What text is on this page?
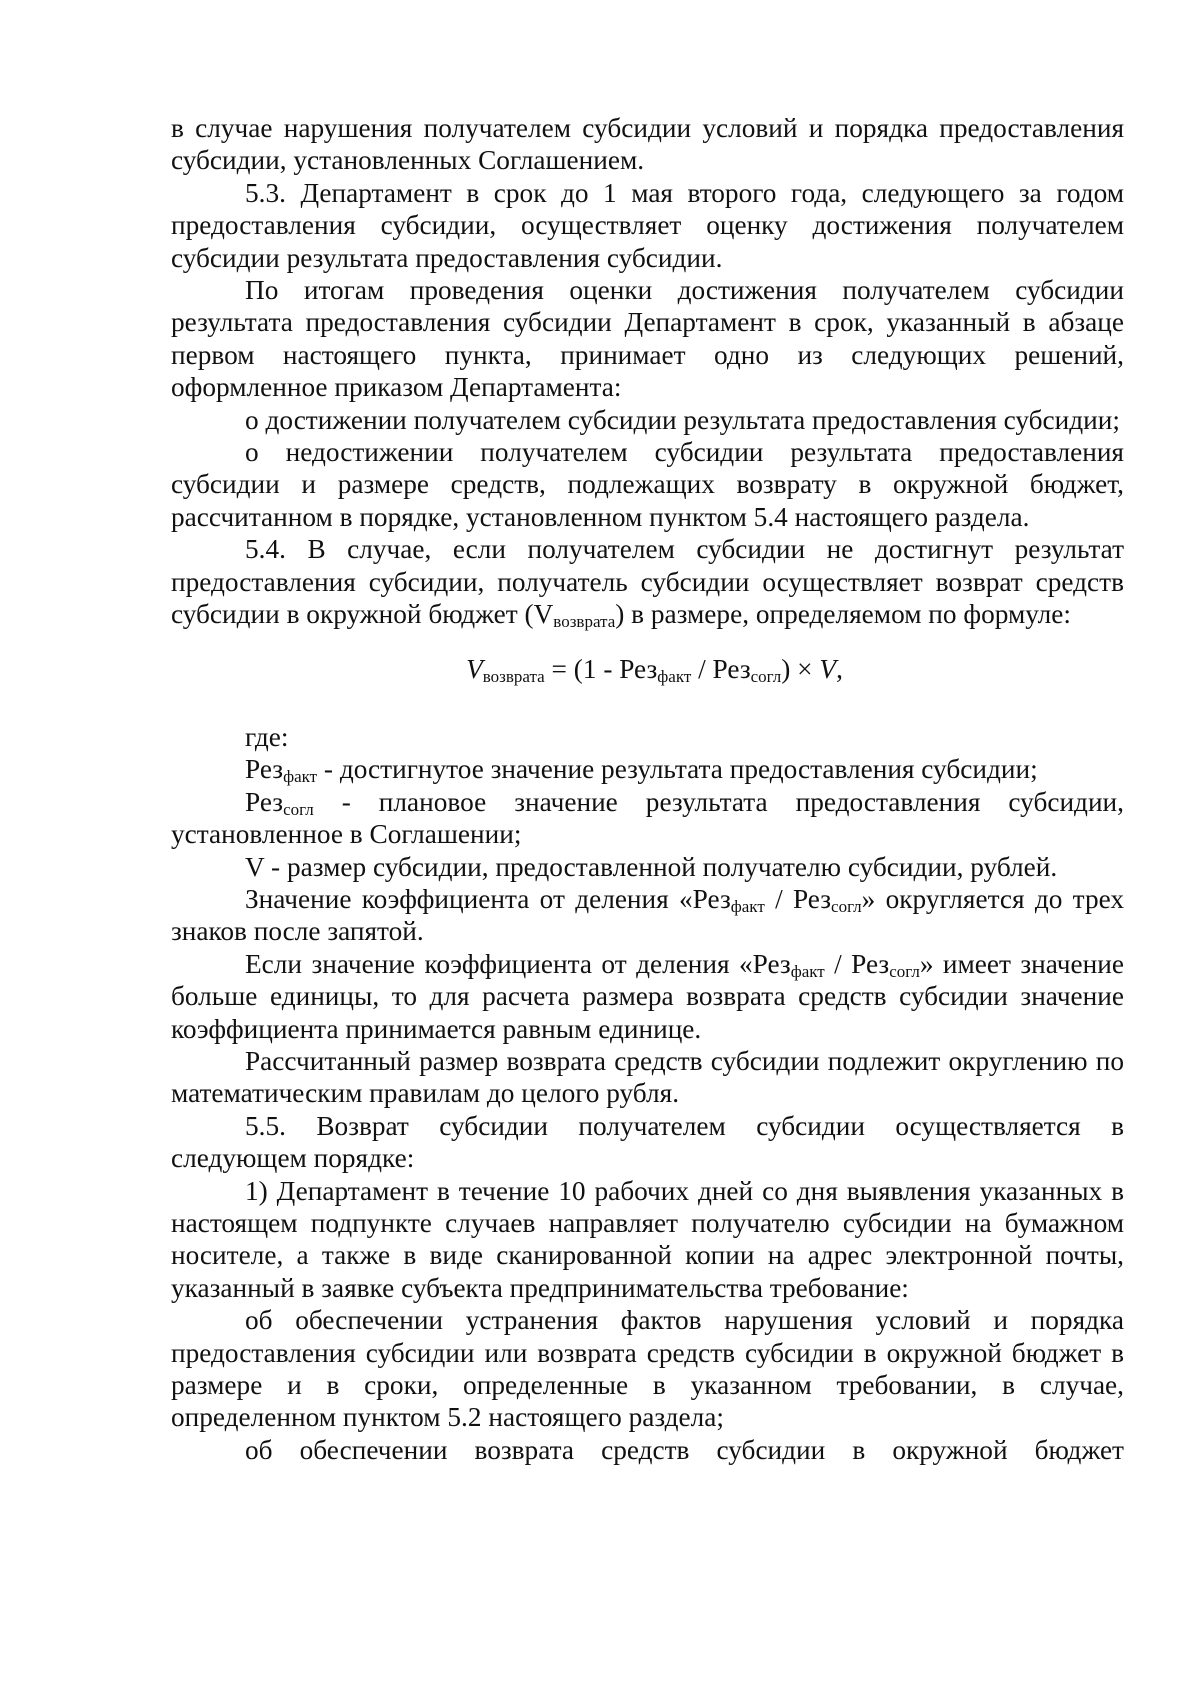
в случае нарушения получателем субсидии условий и порядка предоставления субсидии, установленных Соглашением.

5.3. Департамент в срок до 1 мая второго года, следующего за годом предоставления субсидии, осуществляет оценку достижения получателем субсидии результата предоставления субсидии.

По итогам проведения оценки достижения получателем субсидии результата предоставления субсидии Департамент в срок, указанный в абзаце первом настоящего пункта, принимает одно из следующих решений, оформленное приказом Департамента:

о достижении получателем субсидии результата предоставления субсидии;

о недостижении получателем субсидии результата предоставления субсидии и размере средств, подлежащих возврату в окружной бюджет, рассчитанном в порядке, установленном пунктом 5.4 настоящего раздела.

5.4. В случае, если получателем субсидии не достигнут результат предоставления субсидии, получатель субсидии осуществляет возврат средств субсидии в окружной бюджет $(V_{возврата})$ в размере, определяемом по формуле:

$V_{возврата} = (1 - Рез_{факт} / Рез_{согл}) \times V$,

где:

Рез$_{факт}$ - достигнутое значение результата предоставления субсидии;

Рез$_{согл}$ - плановое значение результата предоставления субсидии, установленное в Соглашении;

V - размер субсидии, предоставленной получателю субсидии, рублей.

Значение коэффициента от деления «Рез$_{факт}$ / Рез$_{согл}$» округляется до трех знаков после запятой.

Если значение коэффициента от деления «Рез$_{факт}$ / Рез$_{согл}$» имеет значение больше единицы, то для расчета размера возврата средств субсидии значение коэффициента принимается равным единице.

Рассчитанный размер возврата средств субсидии подлежит округлению по математическим правилам до целого рубля.

5.5. Возврат субсидии получателем субсидии осуществляется в следующем порядке:

1) Департамент в течение 10 рабочих дней со дня выявления указанных в настоящем подпункте случаев направляет получателю субсидии на бумажном носителе, а также в виде сканированной копии на адрес электронной почты, указанный в заявке субъекта предпринимательства требование:

об обеспечении устранения фактов нарушения условий и порядка предоставления субсидии или возврата средств субсидии в окружной бюджет в размере и в сроки, определенные в указанном требовании, в случае, определенном пунктом 5.2 настоящего раздела;

об обеспечении возврата средств субсидии в окружной бюджет
